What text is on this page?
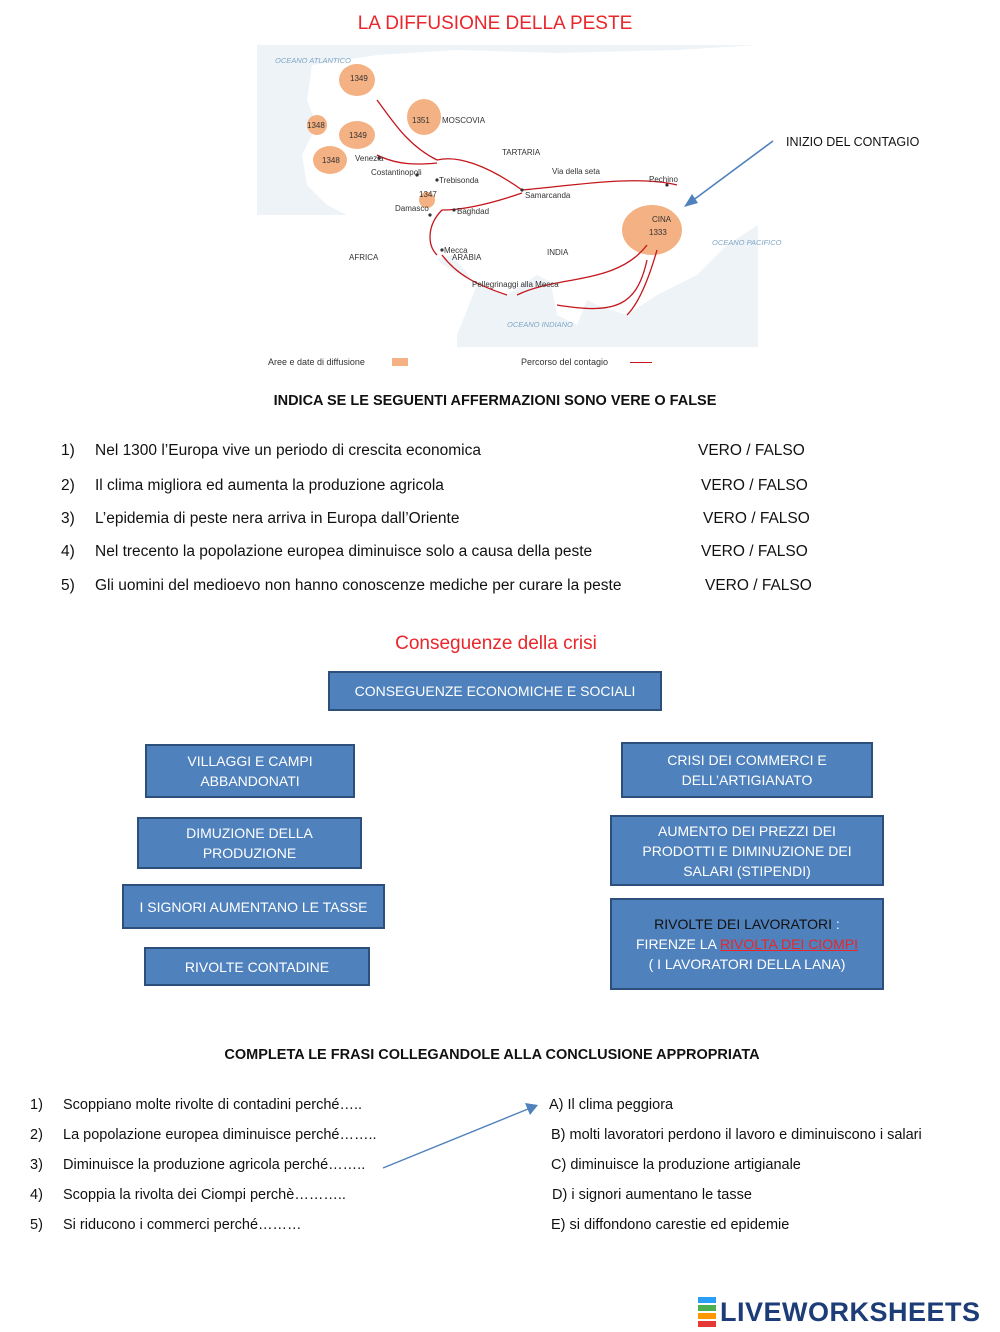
LA DIFFUSIONE DELLA PESTE
OCEANO ATLANTICO
OCEANO PACIFICO
OCEANO INDIANO
MOSCOVIA
TARTARIA
AFRICA	ARABIA
INDIA
CINA
Venezia
Costantinopoli
Trebisonda
Samarcanda
Pechino
Damasco	Baghdad
Mecca
Via della seta
Pellegrinaggi alla Mecca
1349
1348
1349
1348
1351
1347
1333
Aree e date di diffusione	Percorso del contagio
INIZIO DEL CONTAGIO
INDICA SE LE SEGUENTI AFFERMAZIONI SONO VERE O FALSE
1) Nel 1300 l’Europa vive un periodo di crescita economica	VERO / FALSO
2) Il clima migliora ed aumenta la produzione agricola	VERO / FALSO
3) L’epidemia di peste nera arriva in Europa dall’Oriente	VERO / FALSO
4) Nel trecento la popolazione europea diminuisce solo a causa della peste	VERO / FALSO
5) Gli uomini del medioevo non hanno conoscenze mediche per curare la peste	VERO / FALSO
Conseguenze della crisi
CONSEGUENZE ECONOMICHE E SOCIALI
VILLAGGI E CAMPI
ABBANDONATI
DIMUZIONE DELLA
PRODUZIONE
I SIGNORI AUMENTANO LE TASSE
RIVOLTE CONTADINE
CRISI DEI COMMERCI E
DELL’ARTIGIANATO
AUMENTO DEI PREZZI DEI
PRODOTTI E DIMINUZIONE DEI
SALARI (STIPENDI)
RIVOLTE DEI LAVORATORI :
FIRENZE LA RIVOLTA DEI CIOMPI
( I LAVORATORI DELLA LANA)
COMPLETA LE FRASI COLLEGANDOLE ALLA CONCLUSIONE APPROPRIATA
1) Scoppiano molte rivolte di contadini perché…..
2) La popolazione europea diminuisce perché……..
3) Diminuisce la produzione agricola perché……..
4) Scoppia la rivolta dei Ciompi perchè………..
5) Si riducono i commerci perché………
A) Il clima peggiora
B) molti lavoratori perdono il lavoro e diminuiscono i salari
C) diminuisce la produzione artigianale
D) i signori aumentano le tasse
E) si diffondono carestie ed epidemie
LIVEWORKSHEETS
